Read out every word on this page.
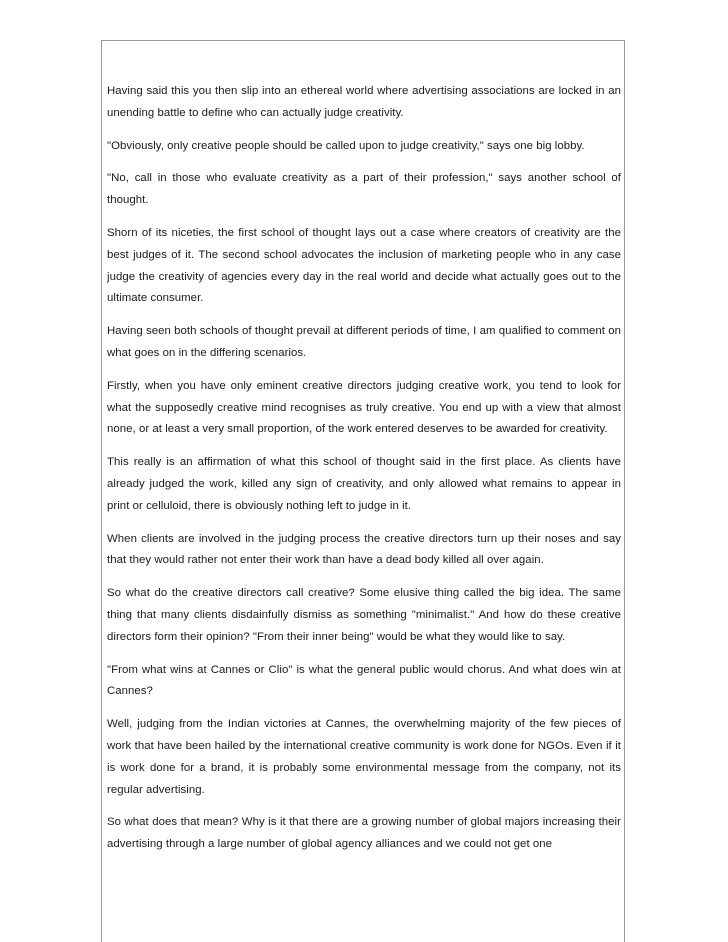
Having said this you then slip into an ethereal world where advertising associations are locked in an unending battle to define who can actually judge creativity.

"Obviously, only creative people should be called upon to judge creativity," says one big lobby.

"No, call in those who evaluate creativity as a part of their profession," says another school of thought.

Shorn of its niceties, the first school of thought lays out a case where creators of creativity are the best judges of it. The second school advocates the inclusion of marketing people who in any case judge the creativity of agencies every day in the real world and decide what actually goes out to the ultimate consumer.

Having seen both schools of thought prevail at different periods of time, I am qualified to comment on what goes on in the differing scenarios.

Firstly, when you have only eminent creative directors judging creative work, you tend to look for what the supposedly creative mind recognises as truly creative. You end up with a view that almost none, or at least a very small proportion, of the work entered deserves to be awarded for creativity.

This really is an affirmation of what this school of thought said in the first place. As clients have already judged the work, killed any sign of creativity, and only allowed what remains to appear in print or celluloid, there is obviously nothing left to judge in it.

When clients are involved in the judging process the creative directors turn up their noses and say that they would rather not enter their work than have a dead body killed all over again.

So what do the creative directors call creative? Some elusive thing called the big idea. The same thing that many clients disdainfully dismiss as something "minimalist." And how do these creative directors form their opinion? "From their inner being" would be what they would like to say.

"From what wins at Cannes or Clio" is what the general public would chorus. And what does win at Cannes?

Well, judging from the Indian victories at Cannes, the overwhelming majority of the few pieces of work that have been hailed by the international creative community is work done for NGOs. Even if it is work done for a brand, it is probably some environmental message from the company, not its regular advertising.

So what does that mean? Why is it that there are a growing number of global majors increasing their advertising through a large number of global agency alliances and we could not get one
